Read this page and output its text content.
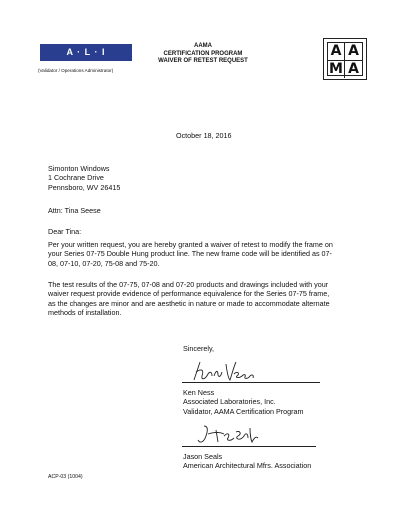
A · L · I
(Validator / Operations Administrator)
AAMA
CERTIFICATION PROGRAM
WAIVER OF RETEST REQUEST
A A
M A
October 18, 2016
Simonton Windows
1 Cochrane Drive
Pennsboro, WV 26415
Attn: Tina Seese
Dear Tina:
Per your written request, you are hereby granted a waiver of retest to modify the frame on
your Series 07-75 Double Hung product line. The new frame code will be identified as 07-
08, 07-10, 07-20, 75-08 and 75-20.
The test results of the 07-75, 07-08 and 07-20 products and drawings included with your
waiver request provide evidence of performance equivalence for the Series 07-75 frame,
as the changes are minor and are aesthetic in nature or made to accommodate alternate
methods of installation.
Sincerely,
Ken Ness
Associated Laboratories, Inc.
Validator, AAMA Certification Program
Jason Seals
American Architectural Mfrs. Association
ACP-03 (1004)
